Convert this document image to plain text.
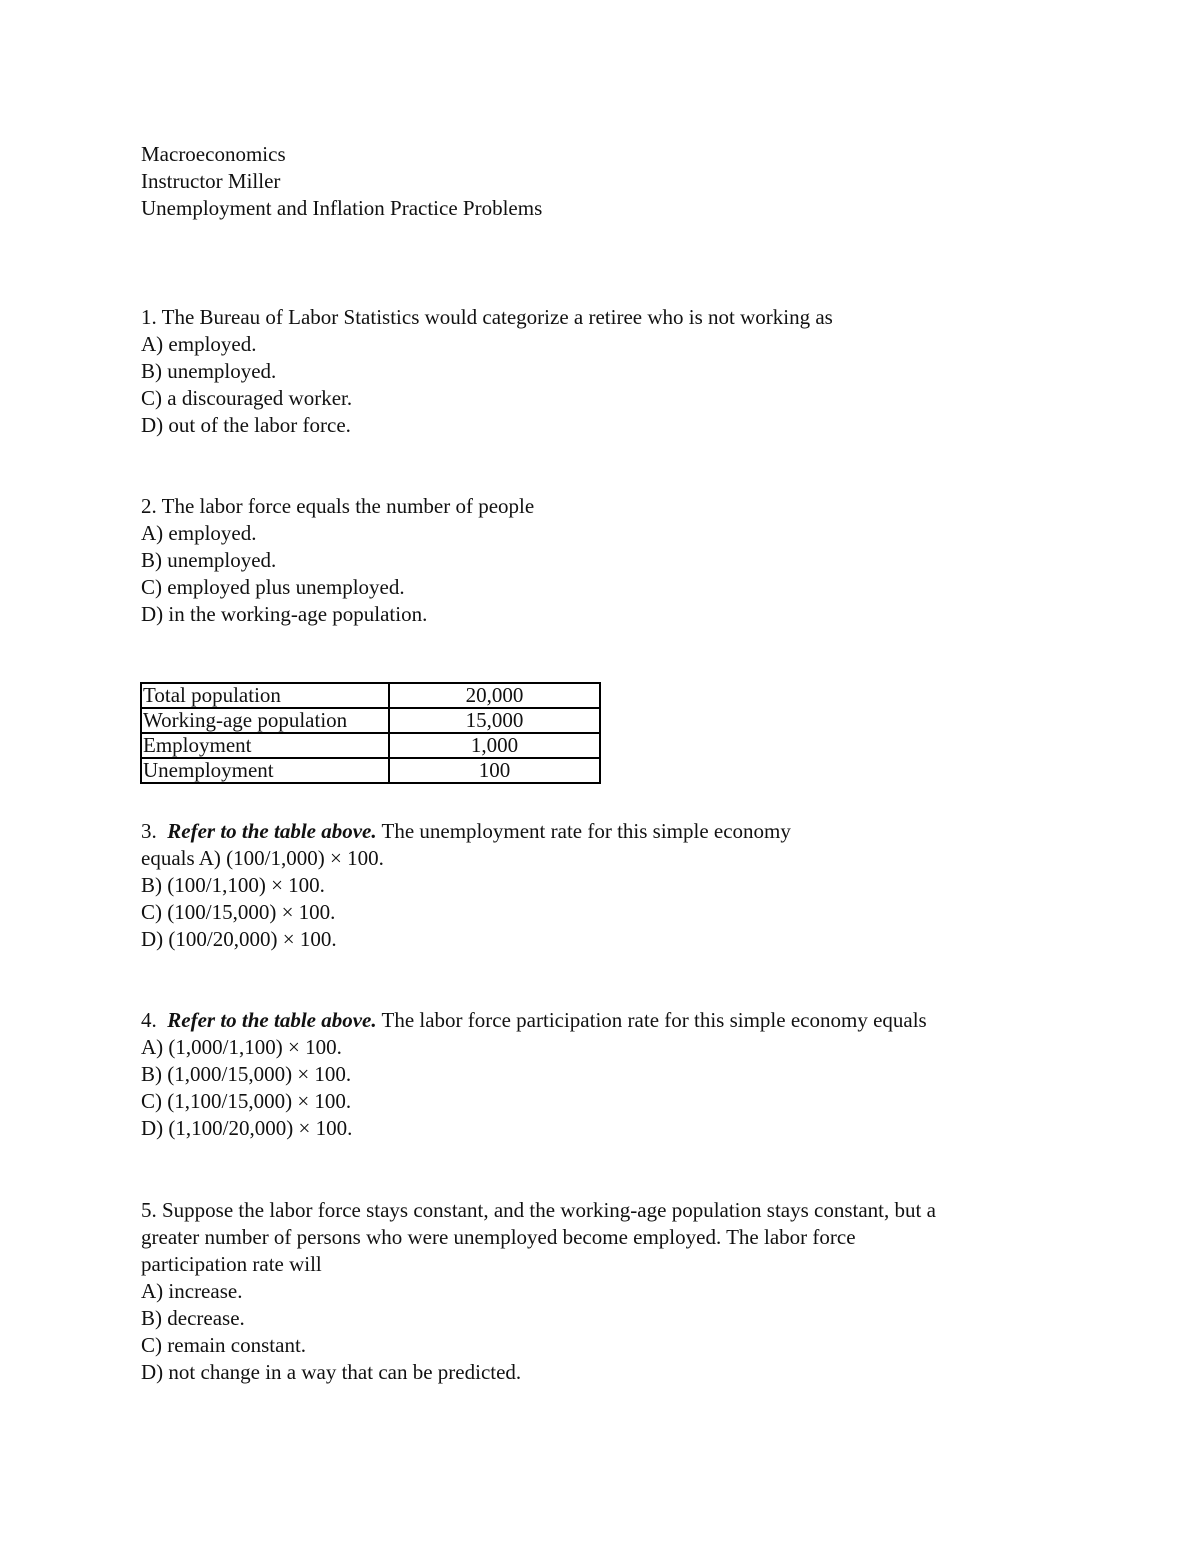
Macroeconomics
Instructor Miller
Unemployment and Inflation Practice Problems
1. The Bureau of Labor Statistics would categorize a retiree who is not working as
A) employed.
B) unemployed.
C) a discouraged worker.
D) out of the labor force.
2. The labor force equals the number of people
A) employed.
B) unemployed.
C) employed plus unemployed.
D) in the working-age population.
Total population	20,000
Working-age population	15,000
Employment	1,000
Unemployment	100
3. Refer to the table above. The unemployment rate for this simple economy
equals A) (100/1,000) × 100.
B) (100/1,100) × 100.
C) (100/15,000) × 100.
D) (100/20,000) × 100.
4. Refer to the table above. The labor force participation rate for this simple economy equals
A) (1,000/1,100) × 100.
B) (1,000/15,000) × 100.
C) (1,100/15,000) × 100.
D) (1,100/20,000) × 100.
5. Suppose the labor force stays constant, and the working-age population stays constant, but a
greater number of persons who were unemployed become employed. The labor force
participation rate will
A) increase.
B) decrease.
C) remain constant.
D) not change in a way that can be predicted.
